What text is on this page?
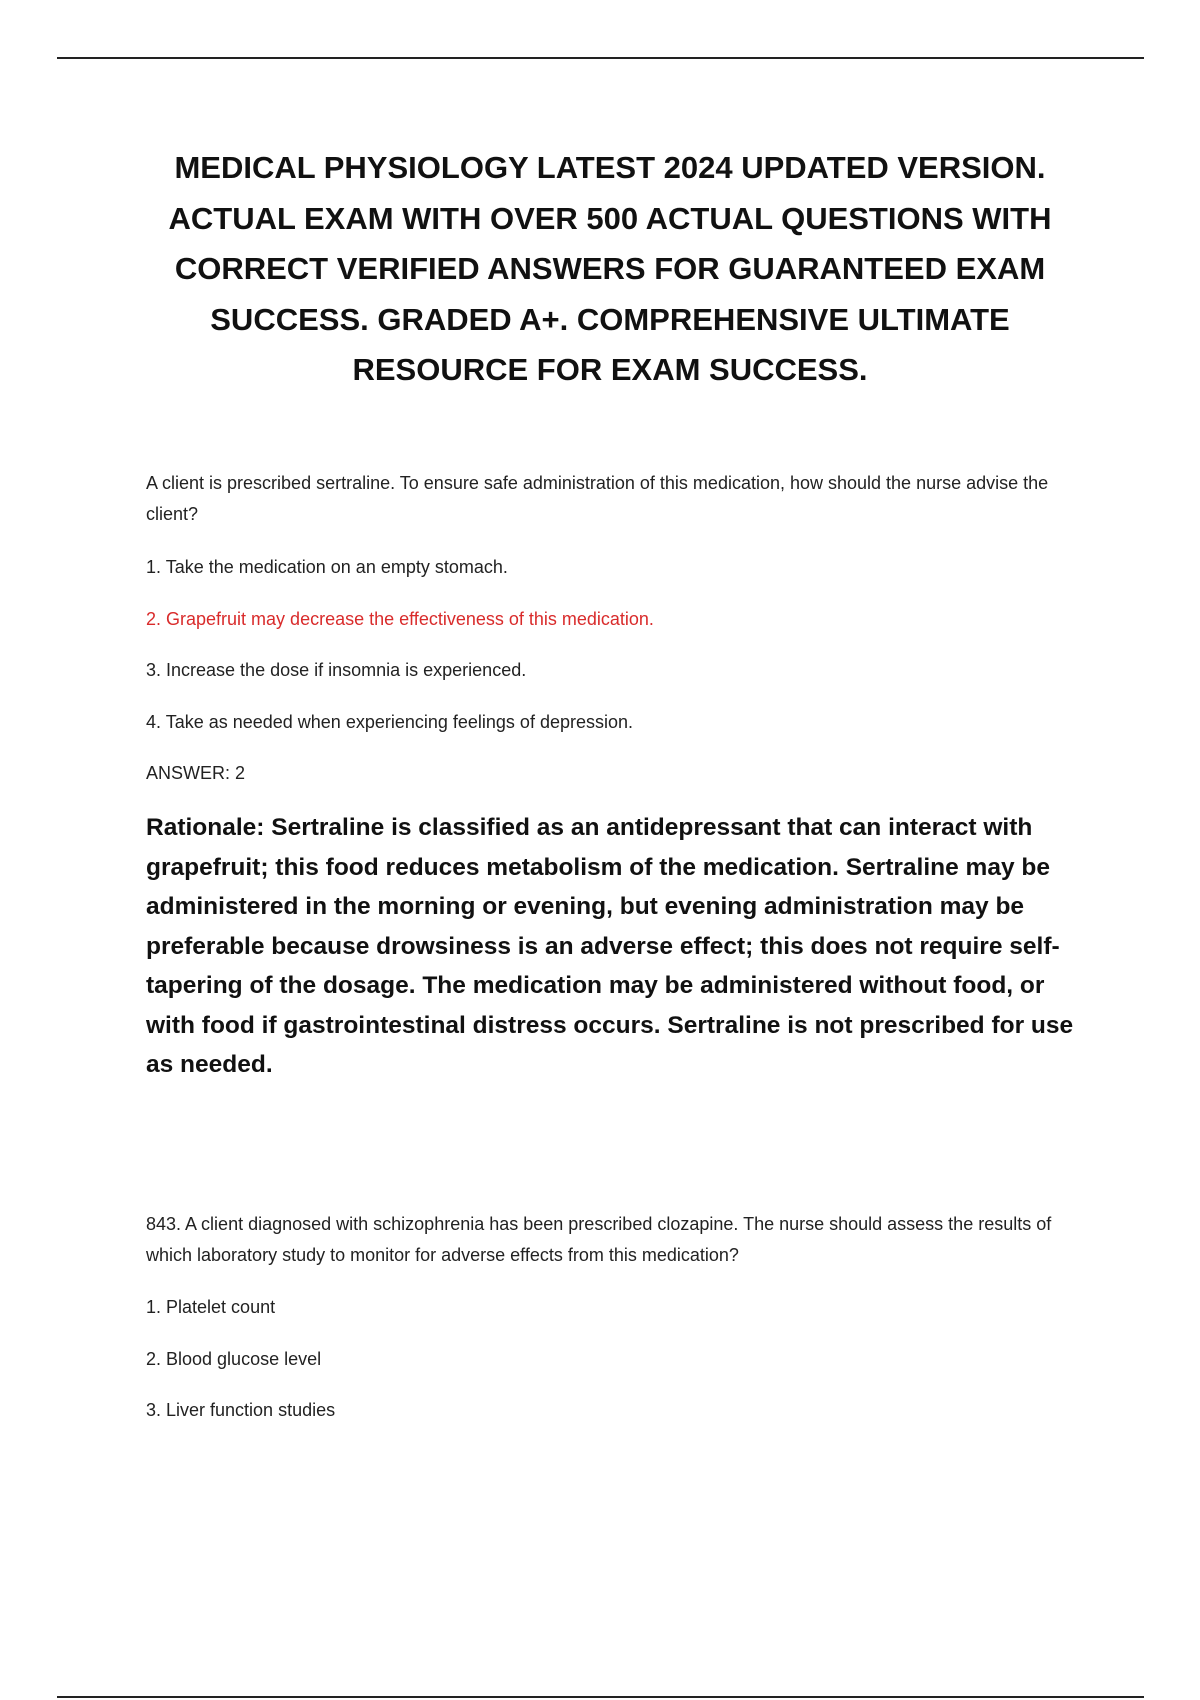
MEDICAL PHYSIOLOGY LATEST 2024 UPDATED VERSION. ACTUAL EXAM WITH OVER 500 ACTUAL QUESTIONS WITH CORRECT VERIFIED ANSWERS FOR GUARANTEED EXAM SUCCESS. GRADED A+. COMPREHENSIVE ULTIMATE RESOURCE FOR EXAM SUCCESS.

A client is prescribed sertraline. To ensure safe administration of this medication, how should the nurse advise the client?

1. Take the medication on an empty stomach.

2. Grapefruit may decrease the effectiveness of this medication.

3. Increase the dose if insomnia is experienced.

4. Take as needed when experiencing feelings of depression.

ANSWER: 2

Rationale: Sertraline is classified as an antidepressant that can interact with grapefruit; this food reduces metabolism of the medication. Sertraline may be administered in the morning or evening, but evening administration may be preferable because drowsiness is an adverse effect; this does not require self-tapering of the dosage. The medication may be administered without food, or with food if gastrointestinal distress occurs. Sertraline is not prescribed for use as needed.

843. A client diagnosed with schizophrenia has been prescribed clozapine. The nurse should assess the results of which laboratory study to monitor for adverse effects from this medication?

1. Platelet count

2. Blood glucose level

3. Liver function studies
